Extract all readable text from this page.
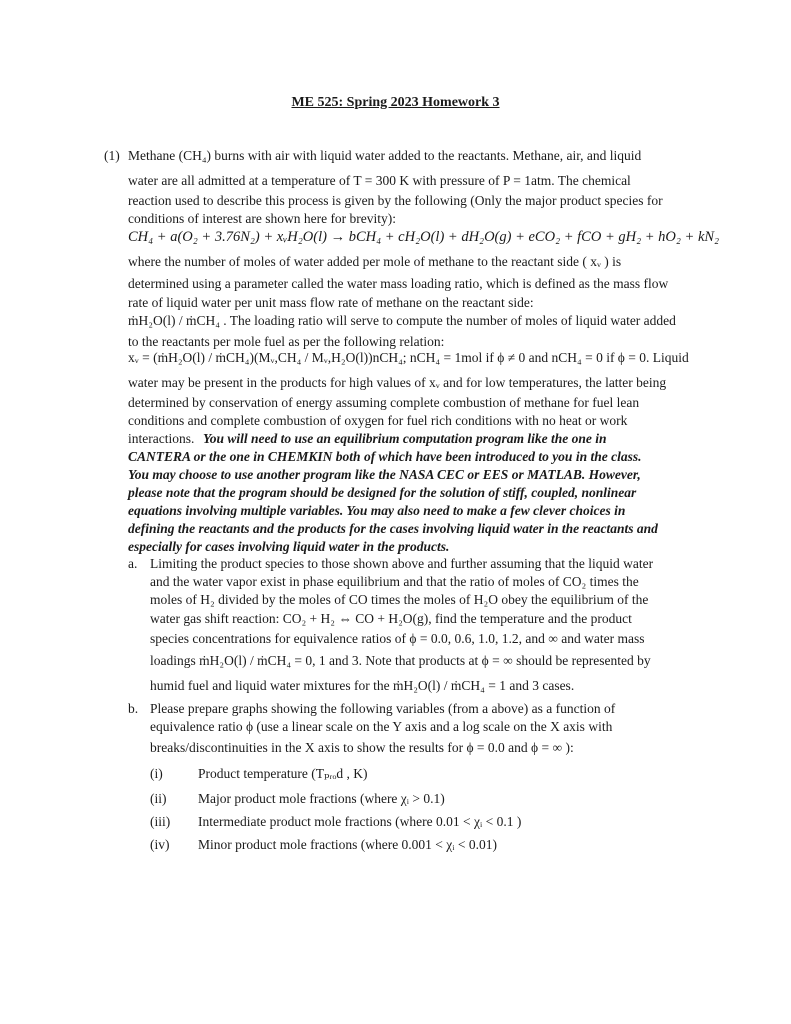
ME 525: Spring 2023 Homework 3
(1) Methane (CH₄) burns with air with liquid water added to the reactants. Methane, air, and liquid
water are all admitted at a temperature of T = 300 K with pressure of P = 1atm. The chemical
reaction used to describe this process is given by the following (Only the major product species for
conditions of interest are shown here for brevity):
CH₄ + a(O₂ + 3.76N₂) + xᵥH₂O(l) → bCH₄ + cH₂O(l) + dH₂O(g) + eCO₂ + fCO + gH₂ + hO₂ + kN₂
where the number of moles of water added per mole of methane to the reactant side ( xᵥ ) is
determined using a parameter called the water mass loading ratio, which is defined as the mass flow
rate of liquid water per unit mass flow rate of methane on the reactant side:
ṁH₂O(l) / ṁCH₄ . The loading ratio will serve to compute the number of moles of liquid water added
to the reactants per mole fuel as per the following relation:
xᵥ = (ṁH₂O(l) / ṁCH₄)(Mᵥ,CH₄ / Mᵥ,H₂O(l))nCH₄; nCH₄ = 1mol if ϕ ≠ 0 and nCH₄ = 0 if ϕ = 0. Liquid
water may be present in the products for high values of xᵥ and for low temperatures, the latter being
determined by conservation of energy assuming complete combustion of methane for fuel lean
conditions and complete combustion of oxygen for fuel rich conditions with no heat or work
interactions. You will need to use an equilibrium computation program like the one in
CANTERA or the one in CHEMKIN both of which have been introduced to you in the class.
You may choose to use another program like the NASA CEC or EES or MATLAB. However,
please note that the program should be designed for the solution of stiff, coupled, nonlinear
equations involving multiple variables. You may also need to make a few clever choices in
defining the reactants and the products for the cases involving liquid water in the reactants and
especially for cases involving liquid water in the products.
a. Limiting the product species to those shown above and further assuming that the liquid water
and the water vapor exist in phase equilibrium and that the ratio of moles of CO₂ times the
moles of H₂ divided by the moles of CO times the moles of H₂O obey the equilibrium of the
water gas shift reaction: CO₂ + H₂ ⇔ CO + H₂O(g), find the temperature and the product
species concentrations for equivalence ratios of ϕ = 0.0, 0.6, 1.0, 1.2, and ∞ and water mass
loadings ṁH₂O(l) / ṁCH₄ = 0, 1 and 3. Note that products at ϕ = ∞ should be represented by
humid fuel and liquid water mixtures for the ṁH₂O(l) / ṁCH₄ = 1 and 3 cases.
b. Please prepare graphs showing the following variables (from a above) as a function of
equivalence ratio ϕ (use a linear scale on the Y axis and a log scale on the X axis with
breaks/discontinuities in the X axis to show the results for ϕ = 0.0 and ϕ = ∞ ):
(i)	Product temperature (Tₚᵣₒd , K)
(ii) Major product mole fractions (where χᵢ > 0.1)
(iii) Intermediate product mole fractions (where 0.01 < χᵢ < 0.1 )
(iv) Minor product mole fractions (where 0.001 < χᵢ < 0.01)
